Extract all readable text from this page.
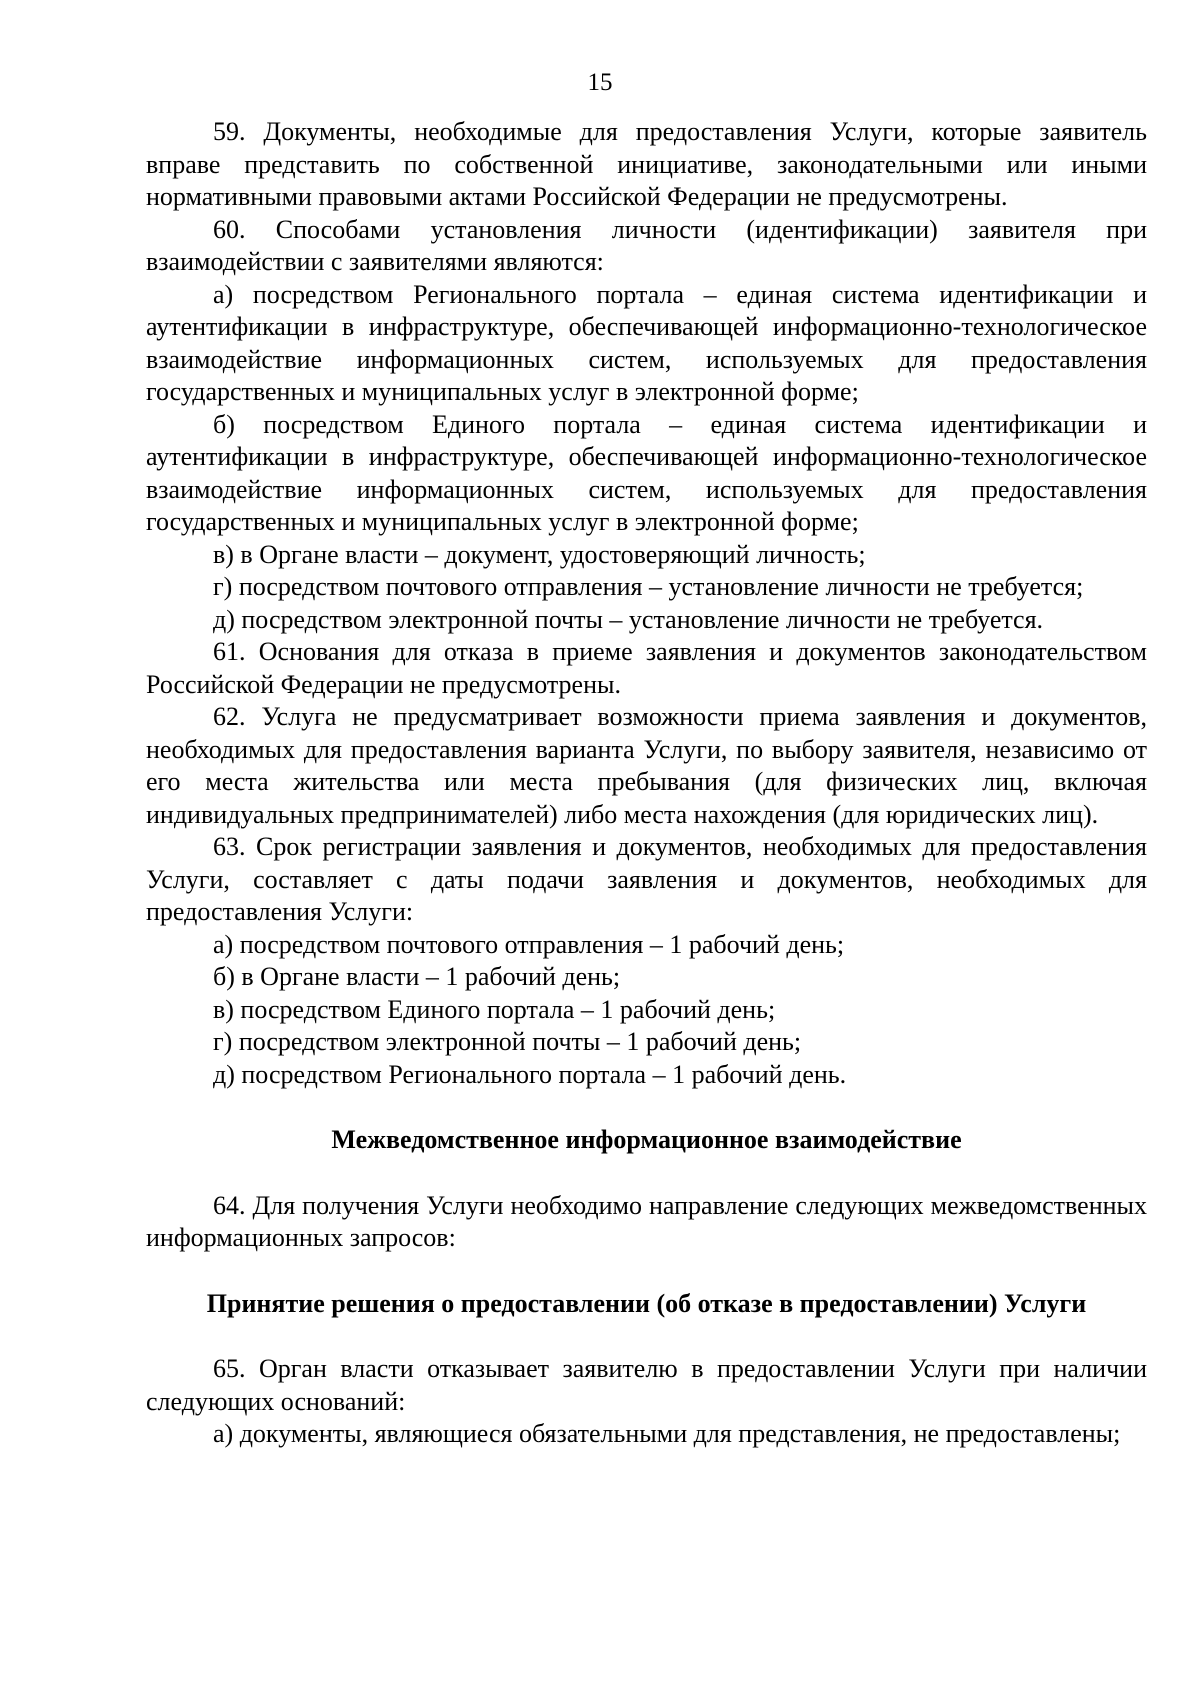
15

59. Документы, необходимые для предоставления Услуги, которые заявитель вправе представить по собственной инициативе, законодательными или иными нормативными правовыми актами Российской Федерации не предусмотрены.

60. Способами установления личности (идентификации) заявителя при взаимодействии с заявителями являются:

а) посредством Регионального портала – единая система идентификации и аутентификации в инфраструктуре, обеспечивающей информационно-технологическое взаимодействие информационных систем, используемых для предоставления государственных и муниципальных услуг в электронной форме;

б) посредством Единого портала – единая система идентификации и аутентификации в инфраструктуре, обеспечивающей информационно-технологическое взаимодействие информационных систем, используемых для предоставления государственных и муниципальных услуг в электронной форме;

в) в Органе власти – документ, удостоверяющий личность;

г) посредством почтового отправления – установление личности не требуется;

д) посредством электронной почты – установление личности не требуется.

61. Основания для отказа в приеме заявления и документов законодательством Российской Федерации не предусмотрены.

62. Услуга не предусматривает возможности приема заявления и документов, необходимых для предоставления варианта Услуги, по выбору заявителя, независимо от его места жительства или места пребывания (для физических лиц, включая индивидуальных предпринимателей) либо места нахождения (для юридических лиц).

63. Срок регистрации заявления и документов, необходимых для предоставления Услуги, составляет с даты подачи заявления и документов, необходимых для предоставления Услуги:

а) посредством почтового отправления – 1 рабочий день;

б) в Органе власти – 1 рабочий день;

в) посредством Единого портала – 1 рабочий день;

г) посредством электронной почты – 1 рабочий день;

д) посредством Регионального портала – 1 рабочий день.

Межведомственное информационное взаимодействие

64. Для получения Услуги необходимо направление следующих межведомственных информационных запросов:

Принятие решения о предоставлении (об отказе в предоставлении) Услуги

65. Орган власти отказывает заявителю в предоставлении Услуги при наличии следующих оснований:

а) документы, являющиеся обязательными для представления, не предоставлены;
